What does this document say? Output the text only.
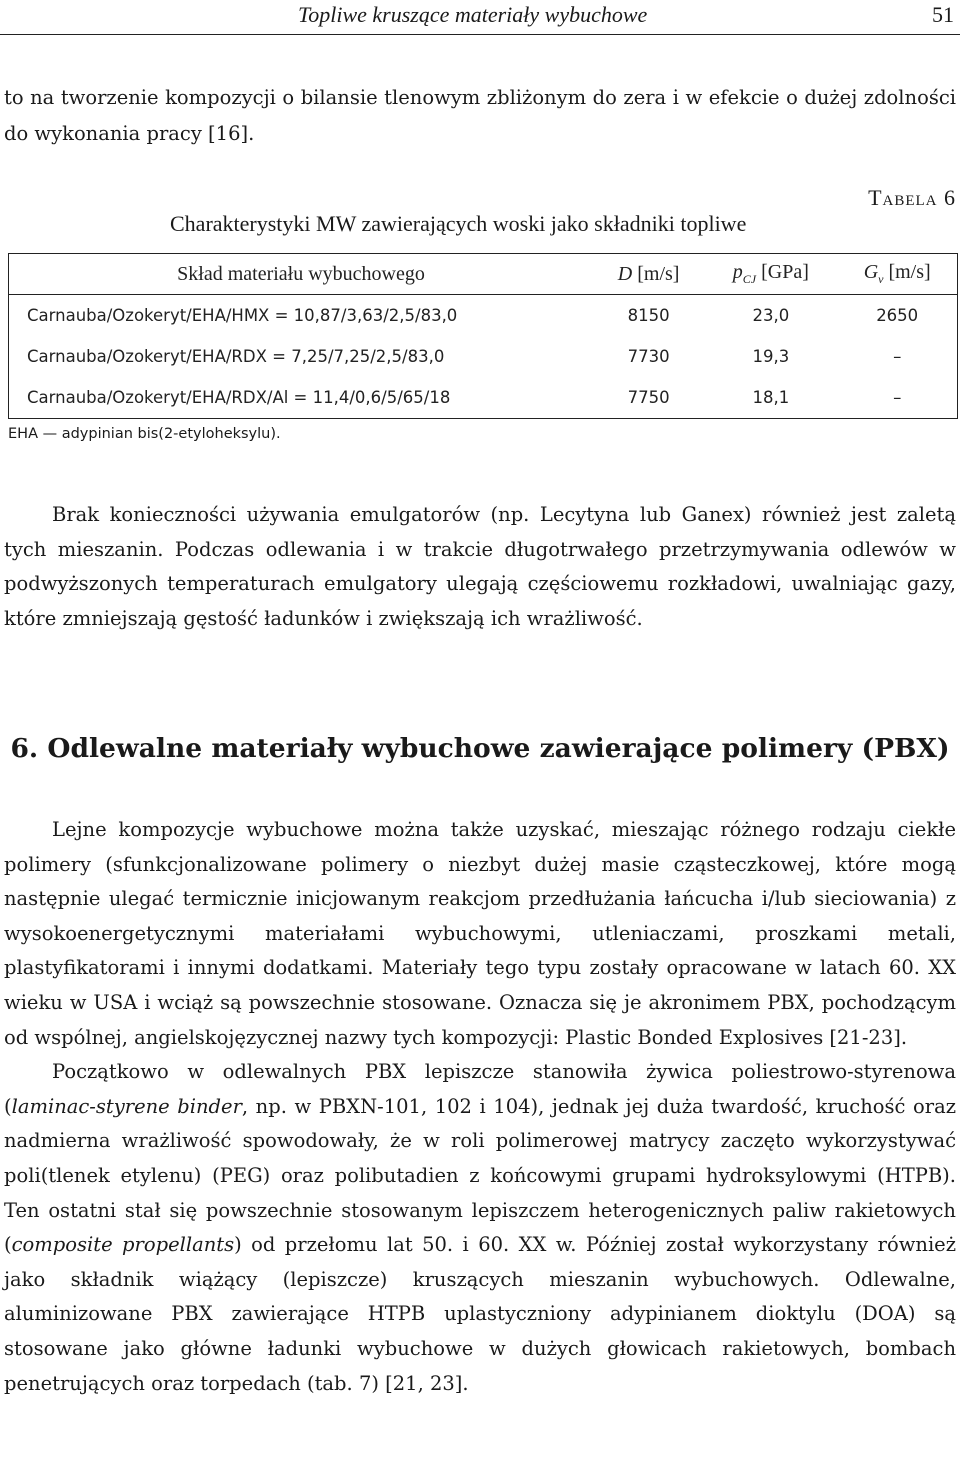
Topliwe kruszące materiały wybuchowe	51

to na tworzenie kompozycji o bilansie tlenowym zbliżonym do zera i w efekcie o dużej zdolności do wykonania pracy [16].

Tabela 6
Charakterystyki MW zawierających woski jako składniki topliwe
Skład materiału wybuchowego	D [m/s]	$p_{CJ}$ [GPa]	$G_v$ [m/s]
Carnauba/Ozokeryt/EHA/HMX = 10,87/3,63/2,5/83,0	8150	23,0	2650
Carnauba/Ozokeryt/EHA/RDX = 7,25/7,25/2,5/83,0	7730	19,3	–
Carnauba/Ozokeryt/EHA/RDX/Al = 11,4/0,6/5/65/18	7750	18,1	–
EHA — adypinian bis(2-etyloheksylu).

Brak konieczności używania emulgatorów (np. Lecytyna lub Ganex) również jest zaletą tych mieszanin. Podczas odlewania i w trakcie długotrwałego przetrzymywania odlewów w podwyższonych temperaturach emulgatory ulegają częściowemu rozkładowi, uwalniając gazy, które zmniejszają gęstość ładunków i zwiększają ich wrażliwość.

6. Odlewalne materiały wybuchowe zawierające polimery (PBX)
Lejne kompozycje wybuchowe można także uzyskać, mieszając różnego rodzaju ciekłe polimery (sfunkcjonalizowane polimery o niezbyt dużej masie cząsteczkowej, które mogą następnie ulegać termicznie inicjowanym reakcjom przedłużania łańcucha i/lub sieciowania) z wysokoenergetycznymi materiałami wybuchowymi, utleniaczami, proszkami metali, plastyfikatorami i innymi dodatkami. Materiały tego typu zostały opracowane w latach 60. XX wieku w USA i wciąż są powszechnie stosowane. Oznacza się je akronimem PBX, pochodzącym od wspólnej, angielskojęzycznej nazwy tych kompozycji: Plastic Bonded Explosives [21-23].
Początkowo w odlewalnych PBX lepiszcze stanowiła żywica poliestrowo-styrenowa (laminac-styrene binder, np. w PBXN-101, 102 i 104), jednak jej duża twardość, kruchość oraz nadmierna wrażliwość spowodowały, że w roli polimerowej matrycy zaczęto wykorzystywać poli(tlenek etylenu) (PEG) oraz polibutadien z końcowymi grupami hydroksylowymi (HTPB). Ten ostatni stał się powszechnie stosowanym lepiszczem heterogenicznych paliw rakietowych (composite propellants) od przełomu lat 50. i 60. XX w. Później został wykorzystany również jako składnik wiążący (lepiszcze) kruszących mieszanin wybuchowych. Odlewalne, aluminizowane PBX zawierające HTPB uplastyczniony adypinianem dioktylu (DOA) są stosowane jako główne ładunki wybuchowe w dużych głowicach rakietowych, bombach penetrujących oraz torpedach (tab. 7) [21, 23].
